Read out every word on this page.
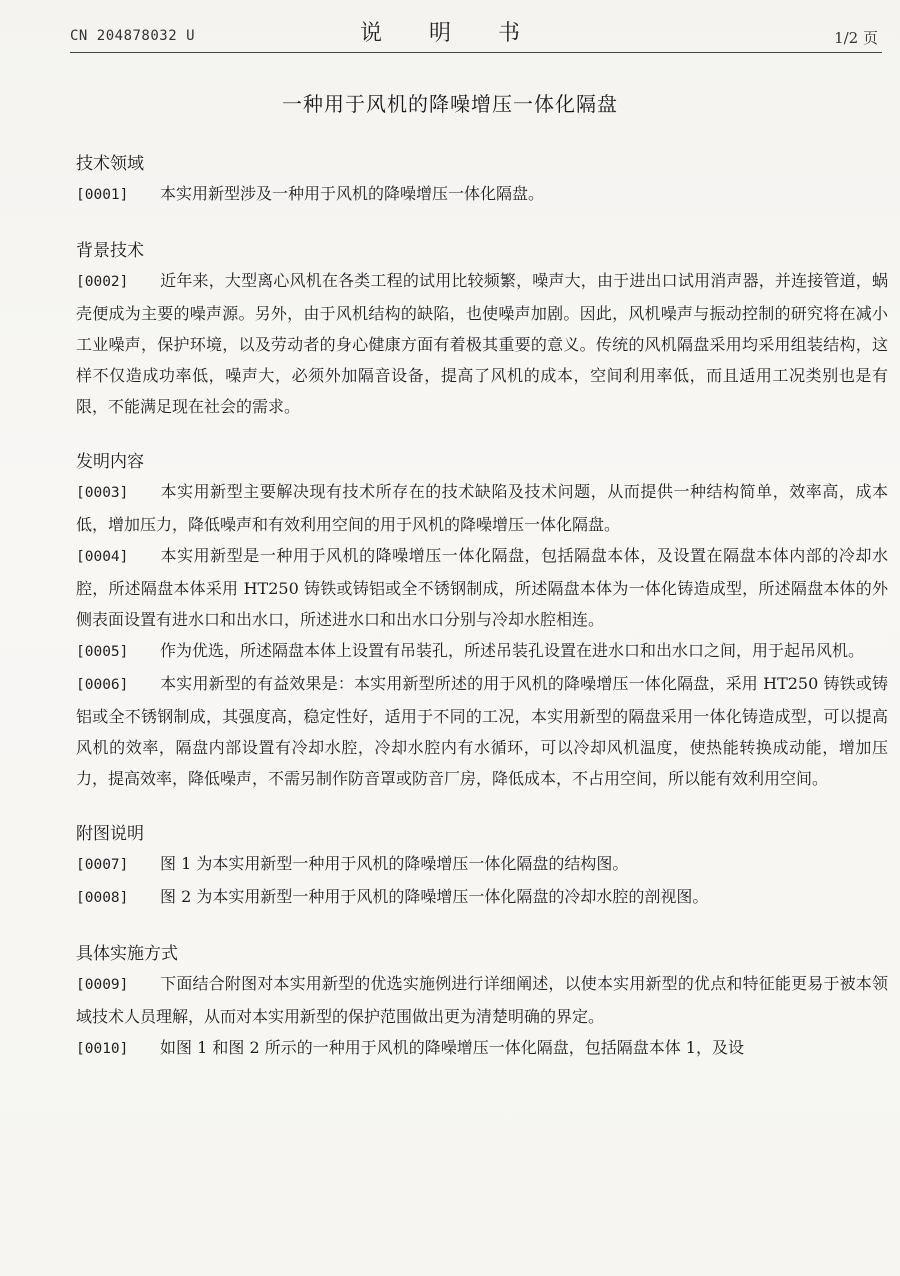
CN 204878032 U	说 明 书	1/2 页
一种用于风机的降噪增压一体化隔盘
技术领域

[0001] 本实用新型涉及一种用于风机的降噪增压一体化隔盘。

背景技术

[0002] 近年来，大型离心风机在各类工程的试用比较频繁，噪声大，由于进出口试用消声器，并连接管道，蜗壳便成为主要的噪声源。另外，由于风机结构的缺陷，也使噪声加剧。因此，风机噪声与振动控制的研究将在减小工业噪声，保护环境，以及劳动者的身心健康方面有着极其重要的意义。传统的风机隔盘采用均采用组装结构，这样不仅造成功率低，噪声大，必须外加隔音设备，提高了风机的成本，空间利用率低，而且适用工况类别也是有限，不能满足现在社会的需求。

发明内容

[0003] 本实用新型主要解决现有技术所存在的技术缺陷及技术问题，从而提供一种结构简单，效率高，成本低，增加压力，降低噪声和有效利用空间的用于风机的降噪增压一体化隔盘。

[0004] 本实用新型是一种用于风机的降噪增压一体化隔盘，包括隔盘本体，及设置在隔盘本体内部的冷却水腔，所述隔盘本体采用 HT250 铸铁或铸铝或全不锈钢制成，所述隔盘本体为一体化铸造成型，所述隔盘本体的外侧表面设置有进水口和出水口，所述进水口和出水口分别与冷却水腔相连。

[0005] 作为优选，所述隔盘本体上设置有吊装孔，所述吊装孔设置在进水口和出水口之间，用于起吊风机。

[0006] 本实用新型的有益效果是：本实用新型所述的用于风机的降噪增压一体化隔盘，采用 HT250 铸铁或铸铝或全不锈钢制成，其强度高，稳定性好，适用于不同的工况，本实用新型的隔盘采用一体化铸造成型，可以提高风机的效率，隔盘内部设置有冷却水腔，冷却水腔内有水循环，可以冷却风机温度，使热能转换成动能，增加压力，提高效率，降低噪声，不需另制作防音罩或防音厂房，降低成本，不占用空间，所以能有效利用空间。

附图说明

[0007] 图 1 为本实用新型一种用于风机的降噪增压一体化隔盘的结构图。

[0008] 图 2 为本实用新型一种用于风机的降噪增压一体化隔盘的冷却水腔的剖视图。

具体实施方式

[0009] 下面结合附图对本实用新型的优选实施例进行详细阐述，以使本实用新型的优点和特征能更易于被本领域技术人员理解，从而对本实用新型的保护范围做出更为清楚明确的界定。

[0010] 如图 1 和图 2 所示的一种用于风机的降噪增压一体化隔盘，包括隔盘本体 1，及设
